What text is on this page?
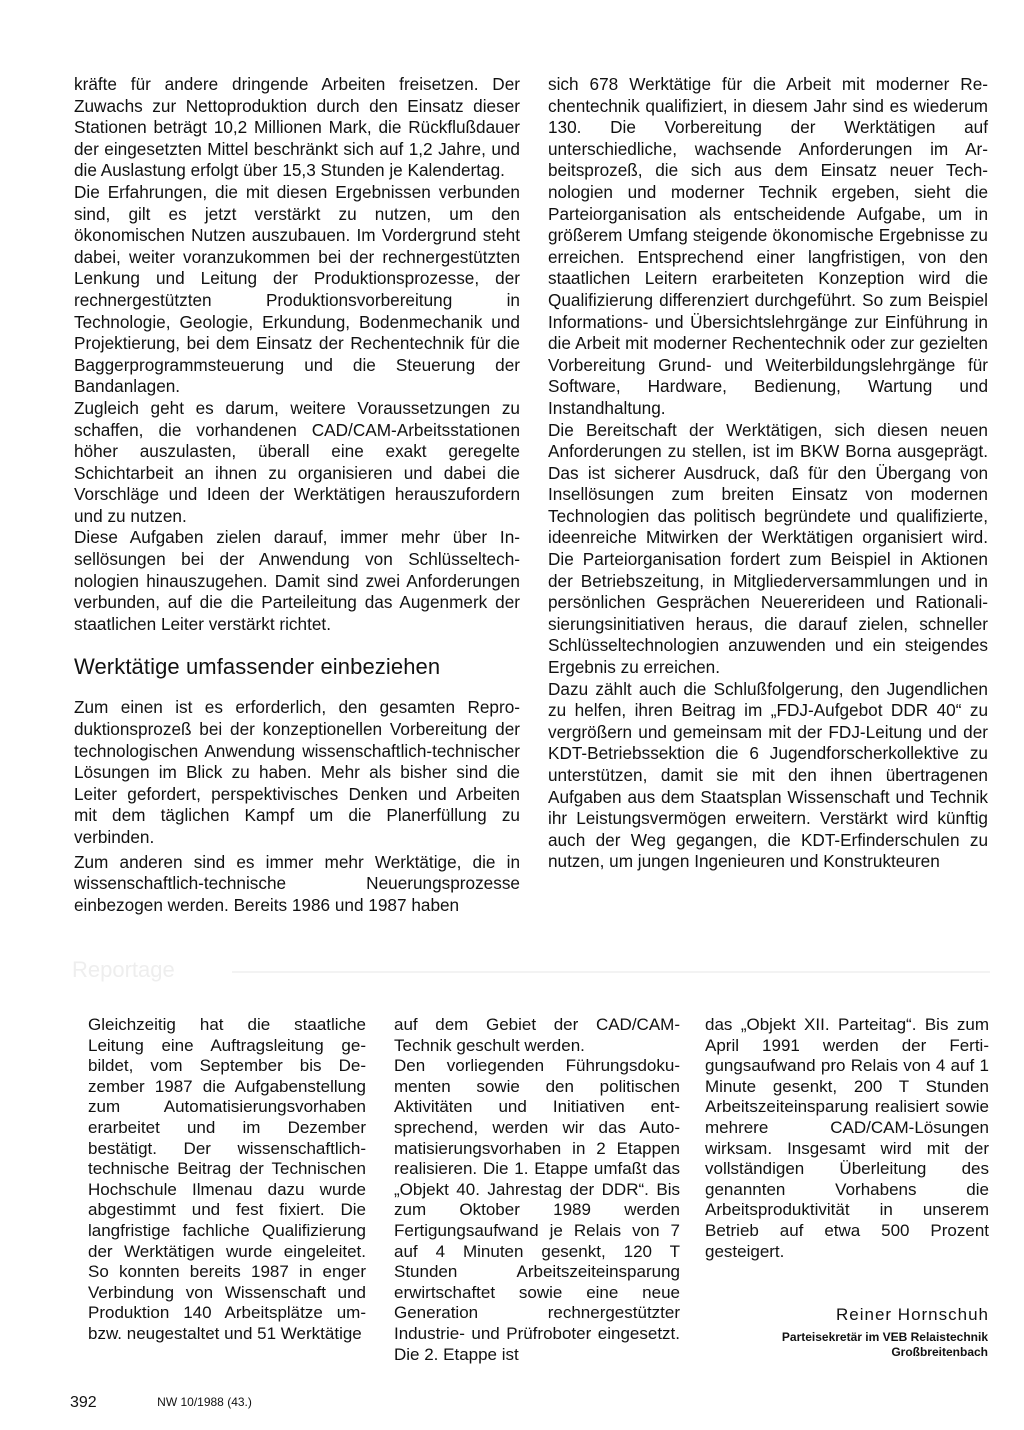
kräfte für andere dringende Arbeiten freisetzen. Der Zuwachs zur Nettoproduktion durch den Einsatz dieser Stationen beträgt 10,2 Millionen Mark, die Rückflußdauer der eingesetzten Mittel beschränkt sich auf 1,2 Jahre, und die Auslastung erfolgt über 15,3 Stunden je Kalendertag.

Die Erfahrungen, die mit diesen Ergebnissen verbunden sind, gilt es jetzt verstärkt zu nutzen, um den ökonomischen Nutzen auszubauen. Im Vordergrund steht dabei, weiter voranzukommen bei der rechnergestützten Lenkung und Leitung der Produktionsprozesse, der rechnergestützten Produktionsvorbereitung in Technologie, Geologie, Erkundung, Bodenmechanik und Projektierung, bei dem Einsatz der Rechentechnik für die Baggerprogrammsteuerung und die Steuerung der Bandanlagen.

Zugleich geht es darum, weitere Voraussetzungen zu schaffen, die vorhandenen CAD/CAM-Arbeitsstationen höher auszulasten, überall eine exakt geregelte Schichtarbeit an ihnen zu organisieren und dabei die Vorschläge und Ideen der Werktätigen herauszufordern und zu nutzen.

Diese Aufgaben zielen darauf, immer mehr über Insellösungen bei der Anwendung von Schlüsseltechnologien hinauszugehen. Damit sind zwei Anforderungen verbunden, auf die die Parteileitung das Augenmerk der staatlichen Leiter verstärkt richtet.

Werktätige umfassender einbeziehen

Zum einen ist es erforderlich, den gesamten Reproduktionsprozeß bei der konzeptionellen Vorbereitung der technologischen Anwendung wissenschaftlich-technischer Lösungen im Blick zu haben. Mehr als bisher sind die Leiter gefordert, perspektivisches Denken und Arbeiten mit dem täglichen Kampf um die Planerfüllung zu verbinden.

Zum anderen sind es immer mehr Werktätige, die in wissenschaftlich-technische Neuerungsprozesse einbezogen werden. Bereits 1986 und 1987 haben

sich 678 Werktätige für die Arbeit mit moderner Rechentechnik qualifiziert, in diesem Jahr sind es wiederum 130. Die Vorbereitung der Werktätigen auf unterschiedliche, wachsende Anforderungen im Arbeitsprozeß, die sich aus dem Einsatz neuer Technologien und moderner Technik ergeben, sieht die Parteiorganisation als entscheidende Aufgabe, um in größerem Umfang steigende ökonomische Ergebnisse zu erreichen. Entsprechend einer langfristigen, von den staatlichen Leitern erarbeiteten Konzeption wird die Qualifizierung differenziert durchgeführt. So zum Beispiel Informations- und Übersichtslehrgänge zur Einführung in die Arbeit mit moderner Rechentechnik oder zur gezielten Vorbereitung Grund- und Weiterbildungslehrgänge für Software, Hardware, Bedienung, Wartung und Instandhaltung.

Die Bereitschaft der Werktätigen, sich diesen neuen Anforderungen zu stellen, ist im BKW Borna ausgeprägt. Das ist sicherer Ausdruck, daß für den Übergang von Insellösungen zum breiten Einsatz von modernen Technologien das politisch begründete und qualifizierte, ideenreiche Mitwirken der Werktätigen organisiert wird. Die Parteiorganisation fordert zum Beispiel in Aktionen der Betriebszeitung, in Mitgliederversammlungen und in persönlichen Gesprächen Neuererideen und Rationalisierungsinitiativen heraus, die darauf zielen, schneller Schlüsseltechnologien anzuwenden und ein steigendes Ergebnis zu erreichen.

Dazu zählt auch die Schlußfolgerung, den Jugendlichen zu helfen, ihren Beitrag im „FDJ-Aufgebot DDR 40“ zu vergrößern und gemeinsam mit der FDJ-Leitung und der KDT-Betriebssektion die 6 Jugendforscherkollektive zu unterstützen, damit sie mit den ihnen übertragenen Aufgaben aus dem Staatsplan Wissenschaft und Technik ihr Leistungsvermögen erweitern. Verstärkt wird künftig auch der Weg gegangen, die KDT-Erfinderschulen zu nutzen, um jungen Ingenieuren und Konstrukteuren

Reportage

Gleichzeitig hat die staatliche Leitung eine Auftragsleitung gebildet, vom September bis Dezember 1987 die Aufgabenstellung zum Automatisierungsvorhaben erarbeitet und im Dezember bestätigt. Der wissenschaftlich-technische Beitrag der Technischen Hochschule Ilmenau dazu wurde abgestimmt und fest fixiert. Die langfristige fachliche Qualifizierung der Werktätigen wurde eingeleitet. So konnten bereits 1987 in enger Verbindung von Wissenschaft und Produktion 140 Arbeitsplätze um- bzw. neugestaltet und 51 Werktätige

auf dem Gebiet der CAD/CAM-Technik geschult werden.

Den vorliegenden Führungsdokumenten sowie den politischen Aktivitäten und Initiativen entsprechend, werden wir das Automatisierungsvorhaben in 2 Etappen realisieren. Die 1. Etappe umfaßt das „Objekt 40. Jahrestag der DDR“. Bis zum Oktober 1989 werden Fertigungsaufwand je Relais von 7 auf 4 Minuten gesenkt, 120 T Stunden Arbeitszeiteinsparung erwirtschaftet sowie eine neue Generation rechnergestützter Industrie- und Prüfroboter eingesetzt. Die 2. Etappe ist

das „Objekt XII. Parteitag“. Bis zum April 1991 werden der Fertigungsaufwand pro Relais von 4 auf 1 Minute gesenkt, 200 T Stunden Arbeitszeiteinsparung realisiert sowie mehrere CAD/CAM-Lösungen wirksam. Insgesamt wird mit der vollständigen Überleitung des genannten Vorhabens die Arbeitsproduktivität in unserem Betrieb auf etwa 500 Prozent gesteigert.

Reiner Hornschuh
Parteisekretär im VEB Relaistechnik
Großbreitenbach
392	NW 10/1988 (43.)
